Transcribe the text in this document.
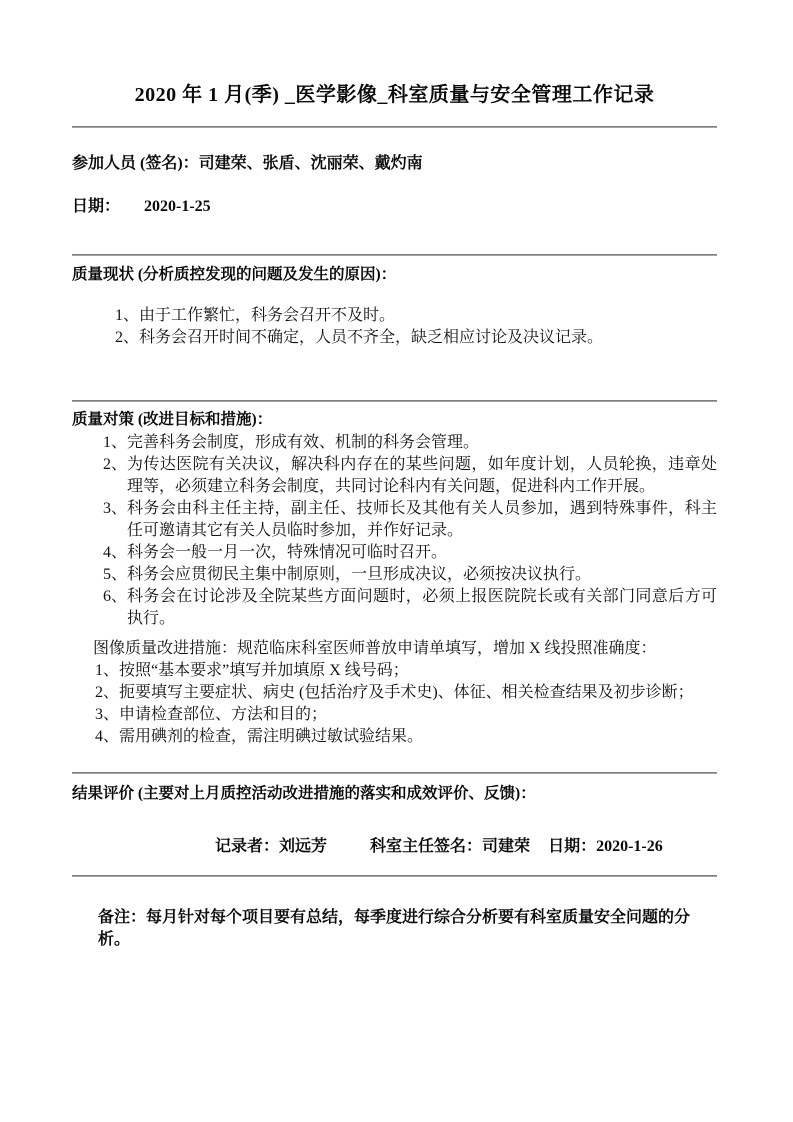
2020 年 1 月(季) _医学影像_科室质量与安全管理工作记录
参加人员 (签名)：司建荣、张盾、沈丽荣、戴灼南
日期： 2020-1-25
质量现状 (分析质控发现的问题及发生的原因)：
1、 由于工作繁忙，科务会召开不及时。
2、 科务会召开时间不确定，人员不齐全，缺乏相应讨论及决议记录。
质量对策 (改进目标和措施)：
1、 完善科务会制度，形成有效、机制的科务会管理。
2、 为传达医院有关决议，解决科内存在的某些问题，如年度计划，人员轮换，违章处理等，必须建立科务会制度，共同讨论科内有关问题，促进科内工作开展。
3、 科务会由科主任主持，副主任、技师长及其他有关人员参加，遇到特殊事件，科主任可邀请其它有关人员临时参加，并作好记录。
4、 科务会一般一月一次，特殊情况可临时召开。
5、 科务会应贯彻民主集中制原则，一旦形成决议，必须按决议执行。
6、 科务会在讨论涉及全院某些方面问题时，必须上报医院院长或有关部门同意后方可执行。
图像质量改进措施：规范临床科室医师普放申请单填写，增加 X 线投照准确度：
1、 按照“基本要求”填写并加填原 X 线号码；
2、 扼要填写主要症状、病史 (包括治疗及手术史)、体征、相关检查结果及初步诊断；
3、 申请检查部位、方法和目的；
4、 需用碘剂的检查，需注明碘过敏试验结果。
结果评价 (主要对上月质控活动改进措施的落实和成效评价、反馈)：
记录者：刘远芳	科室主任签名：司建荣 日期：2020-1-26
备注：每月针对每个项目要有总结，每季度进行综合分析要有科室质量安全问题的分析。
